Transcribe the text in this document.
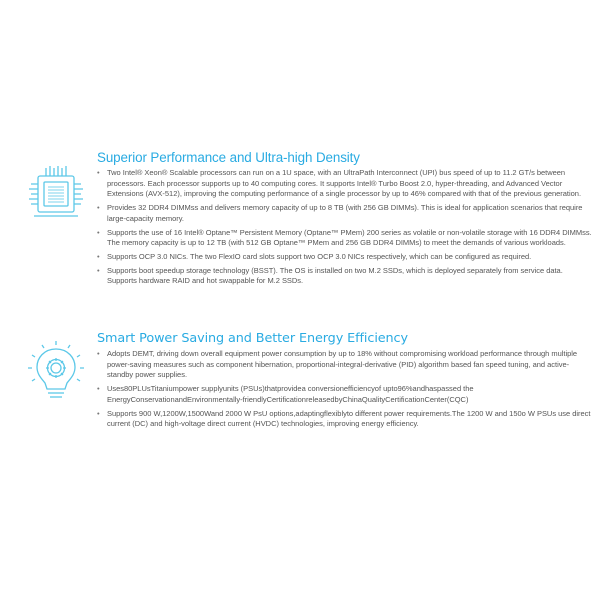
Superior Performance and Ultra-high Density
• Two Intel® Xeon® Scalable processors can run on a 1U space, with an UltraPath Interconnect (UPI) bus speed of up to 11.2 GT/s between processors. Each processor supports up to 40 computing cores. It supports Intel® Turbo Boost 2.0, hyper-threading, and Advanced Vector Extensions (AVX-512), improving the computing performance of a single processor by up to 46% compared with that of the previous generation.
• Provides 32 DDR4 DIMMss and delivers memory capacity of up to 8 TB (with 256 GB DIMMs). This is ideal for application scenarios that require large-capacity memory.
• Supports the use of 16 Intel® Optane™ Persistent Memory (Optane™ PMem) 200 series as volatile or non-volatile storage with 16 DDR4 DIMMss. The memory capacity is up to 12 TB (with 512 GB Optane™ PMem and 256 GB DDR4 DIMMs) to meet the demands of various workloads.
• Supports OCP 3.0 NICs. The two FlexIO card slots support two OCP 3.0 NICs respectively, which can be configured as required.
• Supports boot speedup storage technology (BSST). The OS is installed on two M.2 SSDs, which is deployed separately from service data. Supports hardware RAID and hot swappable for M.2 SSDs.
Smart Power Saving and Better Energy Efficiency
• Adopts DEMT, driving down overall equipment power consumption by up to 18% without compromising workload performance through multiple power-saving measures such as component hibernation, proportional-integral-derivative (PID) algorithm based fan speed tuning, and active-standby power supplies.
• Uses80PLUsTitaniumpower supplyunits (PSUs)thatprovidea conversionefficiencyof upto96%andhaspassed the EnergyConservationandEnvironmentally-friendlyCertificationreleasedbyChinaQualityCertificationCenter(CQC)
• Supports 900 W,1200W,1500Wand 2000 W PsU options,adaptingflexiblyto different power requirements.The 1200 W and 150o W PSUs use direct current (DC) and high-voltage direct current (HVDC) technologies, improving energy efficiency.
